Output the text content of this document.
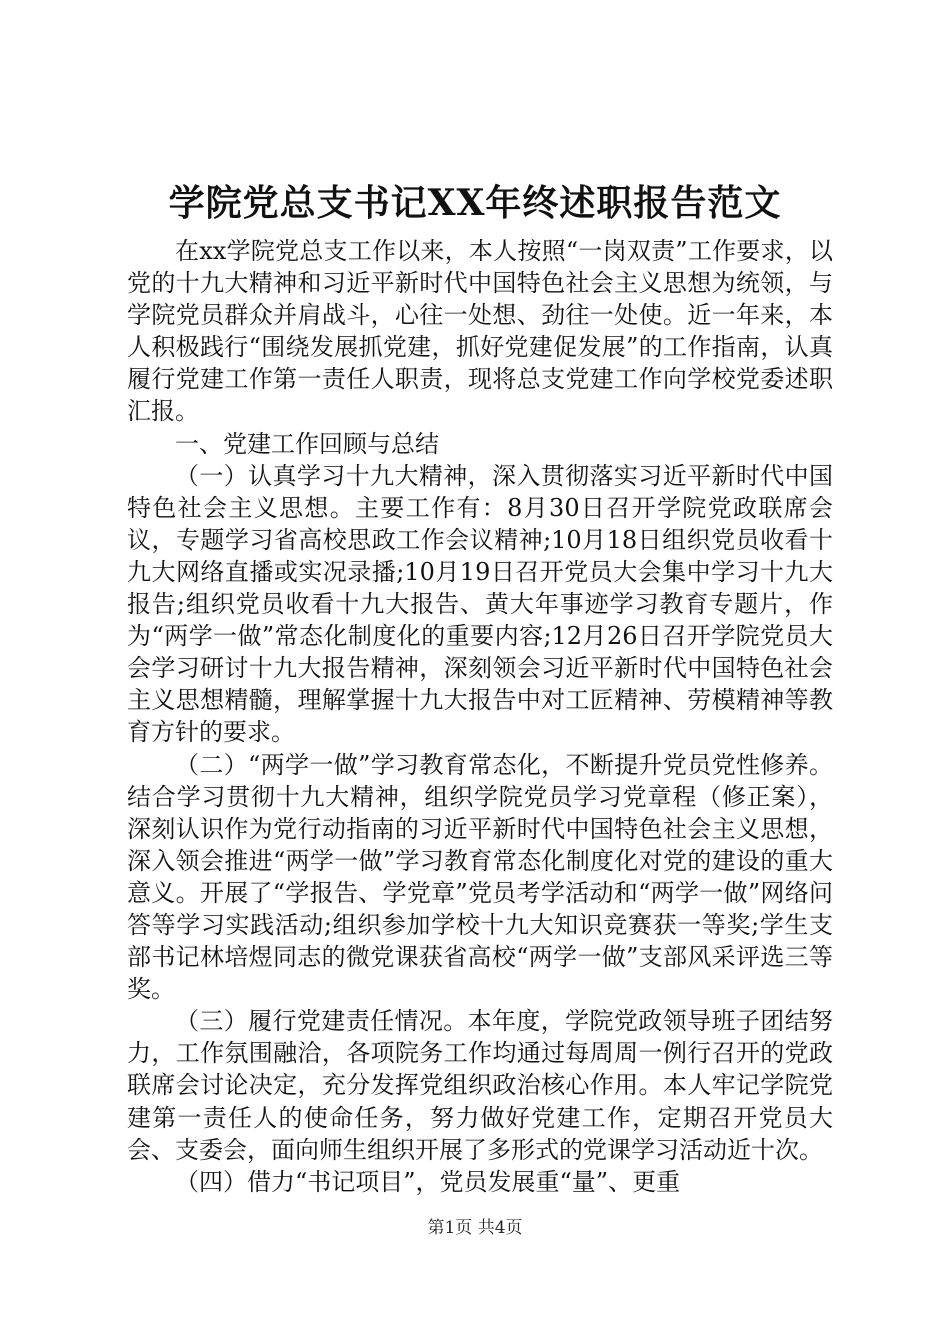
学院党总支书记XX年终述职报告范文

在xx学院党总支工作以来，本人按照“一岗双责”工作要求，以党的十九大精神和习近平新时代中国特色社会主义思想为统领，与学院党员群众并肩战斗，心往一处想、劲往一处使。近一年来，本人积极践行“围绕发展抓党建，抓好党建促发展”的工作指南，认真履行党建工作第一责任人职责，现将总支党建工作向学校党委述职汇报。

一、党建工作回顾与总结

（一）认真学习十九大精神，深入贯彻落实习近平新时代中国特色社会主义思想。主要工作有：8月30日召开学院党政联席会议，专题学习省高校思政工作会议精神;10月18日组织党员收看十九大网络直播或实况录播;10月19日召开党员大会集中学习十九大报告;组织党员收看十九大报告、黄大年事迹学习教育专题片，作为“两学一做”常态化制度化的重要内容;12月26日召开学院党员大会学习研讨十九大报告精神，深刻领会习近平新时代中国特色社会主义思想精髓，理解掌握十九大报告中对工匠精神、劳模精神等教育方针的要求。

（二）“两学一做”学习教育常态化，不断提升党员党性修养。结合学习贯彻十九大精神，组织学院党员学习党章程（修正案），深刻认识作为党行动指南的习近平新时代中国特色社会主义思想，深入领会推进“两学一做”学习教育常态化制度化对党的建设的重大意义。开展了“学报告、学党章”党员考学活动和“两学一做”网络问答等学习实践活动;组织参加学校十九大知识竞赛获一等奖;学生支部书记林培煜同志的微党课获省高校“两学一做”支部风采评选三等奖。

（三）履行党建责任情况。本年度，学院党政领导班子团结努力，工作氛围融洽，各项院务工作均通过每周周一例行召开的党政联席会讨论决定，充分发挥党组织政治核心作用。本人牢记学院党建第一责任人的使命任务，努力做好党建工作，定期召开党员大会、支委会，面向师生组织开展了多形式的党课学习活动近十次。

（四）借力“书记项目”，党员发展重“量”、更重

第1页 共4页
